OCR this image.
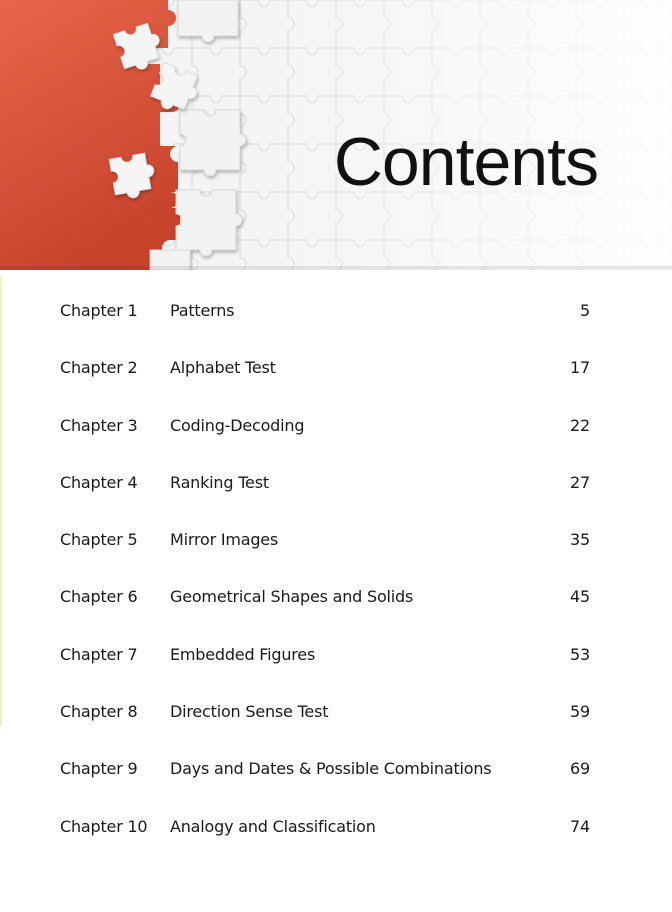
Contents
Chapter 1 Patterns	5
Chapter 2 Alphabet Test	17
Chapter 3 Coding-Decoding	22
Chapter 4 Ranking Test	27
Chapter 5 Mirror Images	35
Chapter 6 Geometrical Shapes and Solids	45
Chapter 7 Embedded Figures	53
Chapter 8 Direction Sense Test	59
Chapter 9 Days and Dates & Possible Combinations	69
Chapter 10 Analogy and Classification	74
